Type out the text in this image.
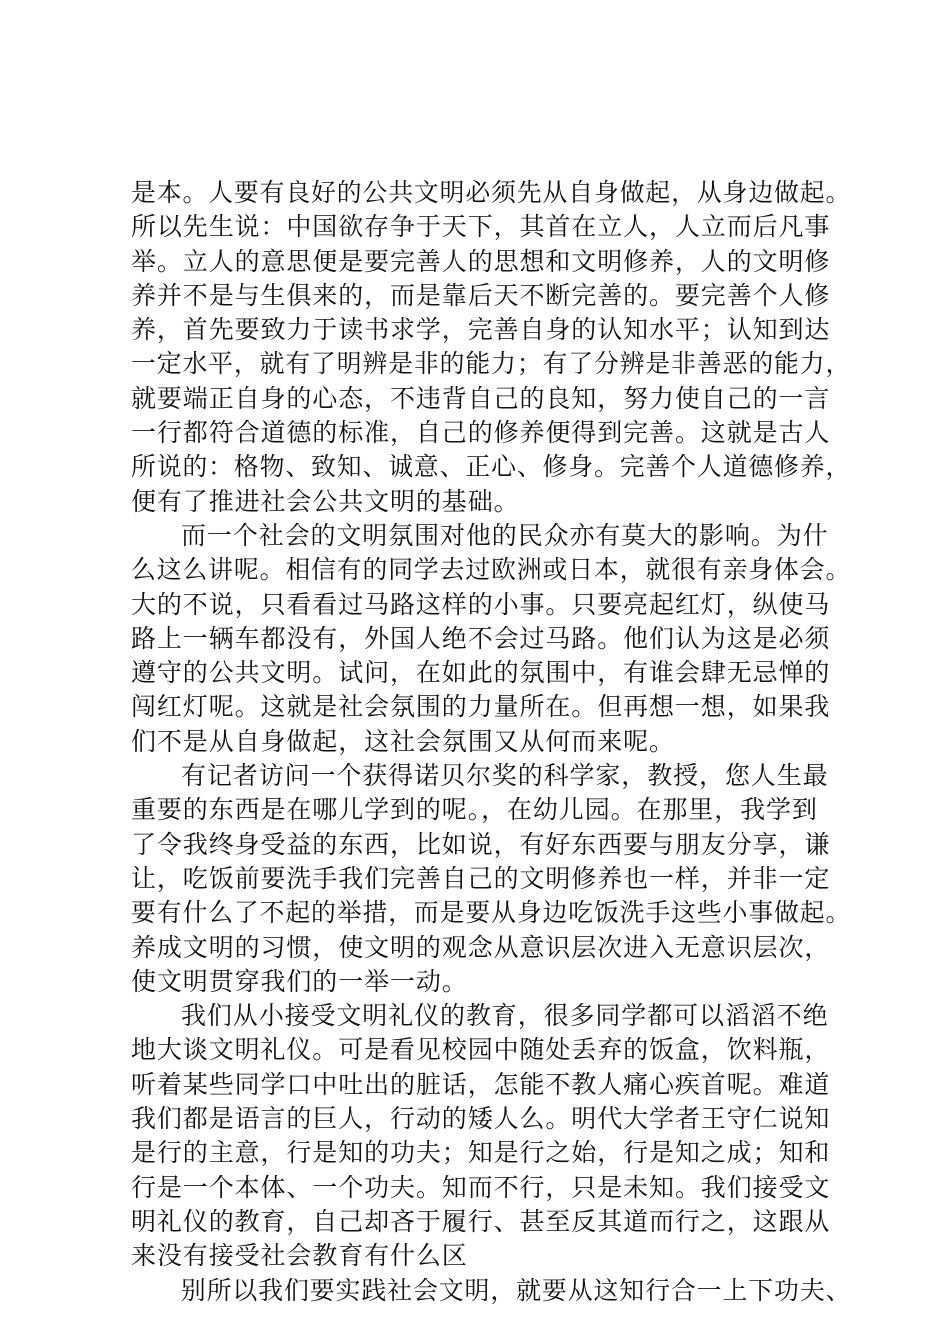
是本。人要有良好的公共文明必须先从自身做起，从身边做起。
所以先生说：中国欲存争于天下，其首在立人，人立而后凡事
举。立人的意思便是要完善人的思想和文明修养，人的文明修
养并不是与生俱来的，而是靠后天不断完善的。要完善个人修
养，首先要致力于读书求学，完善自身的认知水平；认知到达
一定水平，就有了明辨是非的能力；有了分辨是非善恶的能力，
就要端正自身的心态，不违背自己的良知，努力使自己的一言
一行都符合道德的标准，自己的修养便得到完善。这就是古人
所说的：格物、致知、诚意、正心、修身。完善个人道德修养，
便有了推进社会公共文明的基础。

而一个社会的文明氛围对他的民众亦有莫大的影响。为什
么这么讲呢。相信有的同学去过欧洲或日本，就很有亲身体会。
大的不说，只看看过马路这样的小事。只要亮起红灯，纵使马
路上一辆车都没有，外国人绝不会过马路。他们认为这是必须
遵守的公共文明。试问，在如此的氛围中，有谁会肆无忌惮的
闯红灯呢。这就是社会氛围的力量所在。但再想一想，如果我
们不是从自身做起，这社会氛围又从何而来呢。

有记者访问一个获得诺贝尔奖的科学家，教授，您人生最
重要的东西是在哪儿学到的呢。，在幼儿园。在那里，我学到
了令我终身受益的东西，比如说，有好东西要与朋友分享，谦
让，吃饭前要洗手我们完善自己的文明修养也一样，并非一定
要有什么了不起的举措，而是要从身边吃饭洗手这些小事做起。
养成文明的习惯，使文明的观念从意识层次进入无意识层次，
使文明贯穿我们的一举一动。

我们从小接受文明礼仪的教育，很多同学都可以滔滔不绝
地大谈文明礼仪。可是看见校园中随处丢弃的饭盒，饮料瓶，
听着某些同学口中吐出的脏话，怎能不教人痛心疾首呢。难道
我们都是语言的巨人，行动的矮人么。明代大学者王守仁说知
是行的主意，行是知的功夫；知是行之始，行是知之成；知和
行是一个本体、一个功夫。知而不行，只是未知。我们接受文
明礼仪的教育，自己却吝于履行、甚至反其道而行之，这跟从
来没有接受社会教育有什么区

别所以我们要实践社会文明，就要从这知行合一上下功夫、
